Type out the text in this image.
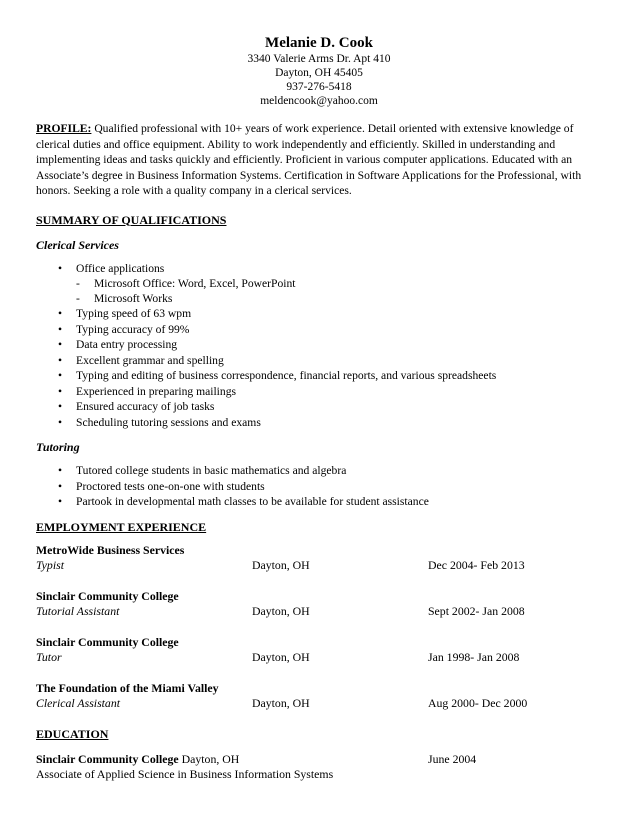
Melanie D. Cook
3340 Valerie Arms Dr. Apt 410
Dayton, OH 45405
937-276-5418
meldencook@yahoo.com
PROFILE: Qualified professional with 10+ years of work experience. Detail oriented with extensive knowledge of clerical duties and office equipment. Ability to work independently and efficiently. Skilled in understanding and implementing ideas and tasks quickly and efficiently. Proficient in various computer applications. Educated with an Associate’s degree in Business Information Systems. Certification in Software Applications for the Professional, with honors. Seeking a role with a quality company in a clerical services.
SUMMARY OF QUALIFICATIONS
Clerical Services
• Office applications
- Microsoft Office: Word, Excel, PowerPoint
- Microsoft Works
• Typing speed of 63 wpm
• Typing accuracy of 99%
• Data entry processing
• Excellent grammar and spelling
• Typing and editing of business correspondence, financial reports, and various spreadsheets
• Experienced in preparing mailings
• Ensured accuracy of job tasks
• Scheduling tutoring sessions and exams
Tutoring
• Tutored college students in basic mathematics and algebra
• Proctored tests one-on-one with students
• Partook in developmental math classes to be available for student assistance
EMPLOYMENT EXPERIENCE
MetroWide Business Services
Typist	Dayton, OH	Dec 2004- Feb 2013
Sinclair Community College
Tutorial Assistant	Dayton, OH	Sept 2002- Jan 2008
Sinclair Community College
Tutor	Dayton, OH	Jan 1998- Jan 2008
The Foundation of the Miami Valley
Clerical Assistant	Dayton, OH	Aug 2000- Dec 2000
EDUCATION
Sinclair Community College Dayton, OH	June 2004
Associate of Applied Science in Business Information Systems
